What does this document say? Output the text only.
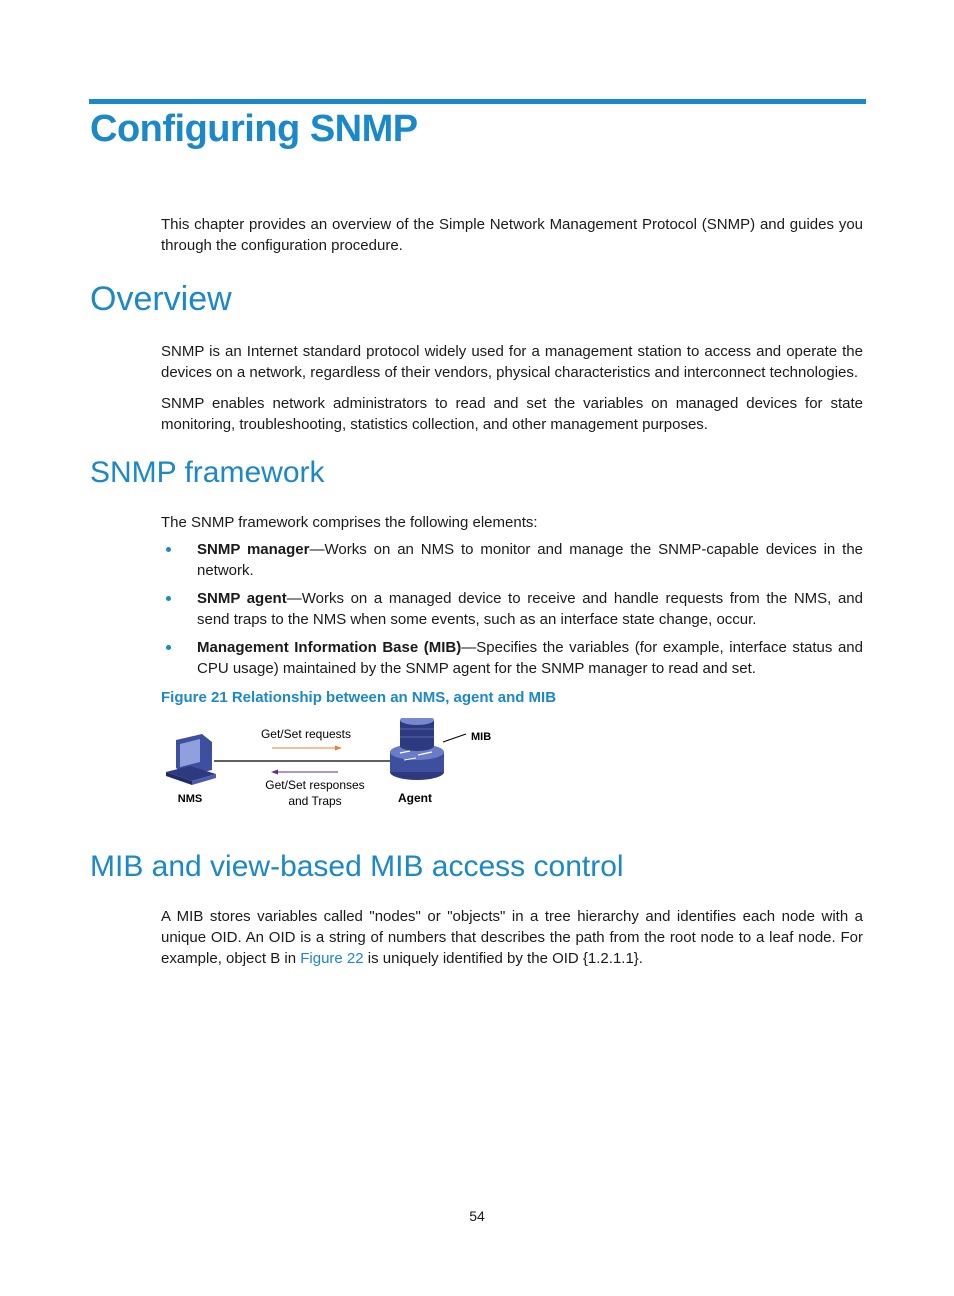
Configuring SNMP

This chapter provides an overview of the Simple Network Management Protocol (SNMP) and guides you through the configuration procedure.

Overview

SNMP is an Internet standard protocol widely used for a management station to access and operate the devices on a network, regardless of their vendors, physical characteristics and interconnect technologies.

SNMP enables network administrators to read and set the variables on managed devices for state monitoring, troubleshooting, statistics collection, and other management purposes.

SNMP framework

The SNMP framework comprises the following elements:

SNMP manager—Works on an NMS to monitor and manage the SNMP-capable devices in the network.
SNMP agent—Works on a managed device to receive and handle requests from the NMS, and send traps to the NMS when some events, such as an interface state change, occur.
Management Information Base (MIB)—Specifies the variables (for example, interface status and CPU usage) maintained by the SNMP agent for the SNMP manager to read and set.

Figure 21 Relationship between an NMS, agent and MIB

NMS
Get/Set requests
Get/Set responses
and Traps
MIB
Agent
MIB and view-based MIB access control

A MIB stores variables called "nodes" or "objects" in a tree hierarchy and identifies each node with a unique OID. An OID is a string of numbers that describes the path from the root node to a leaf node. For example, object B in Figure 22 is uniquely identified by the OID {1.2.1.1}.

54
